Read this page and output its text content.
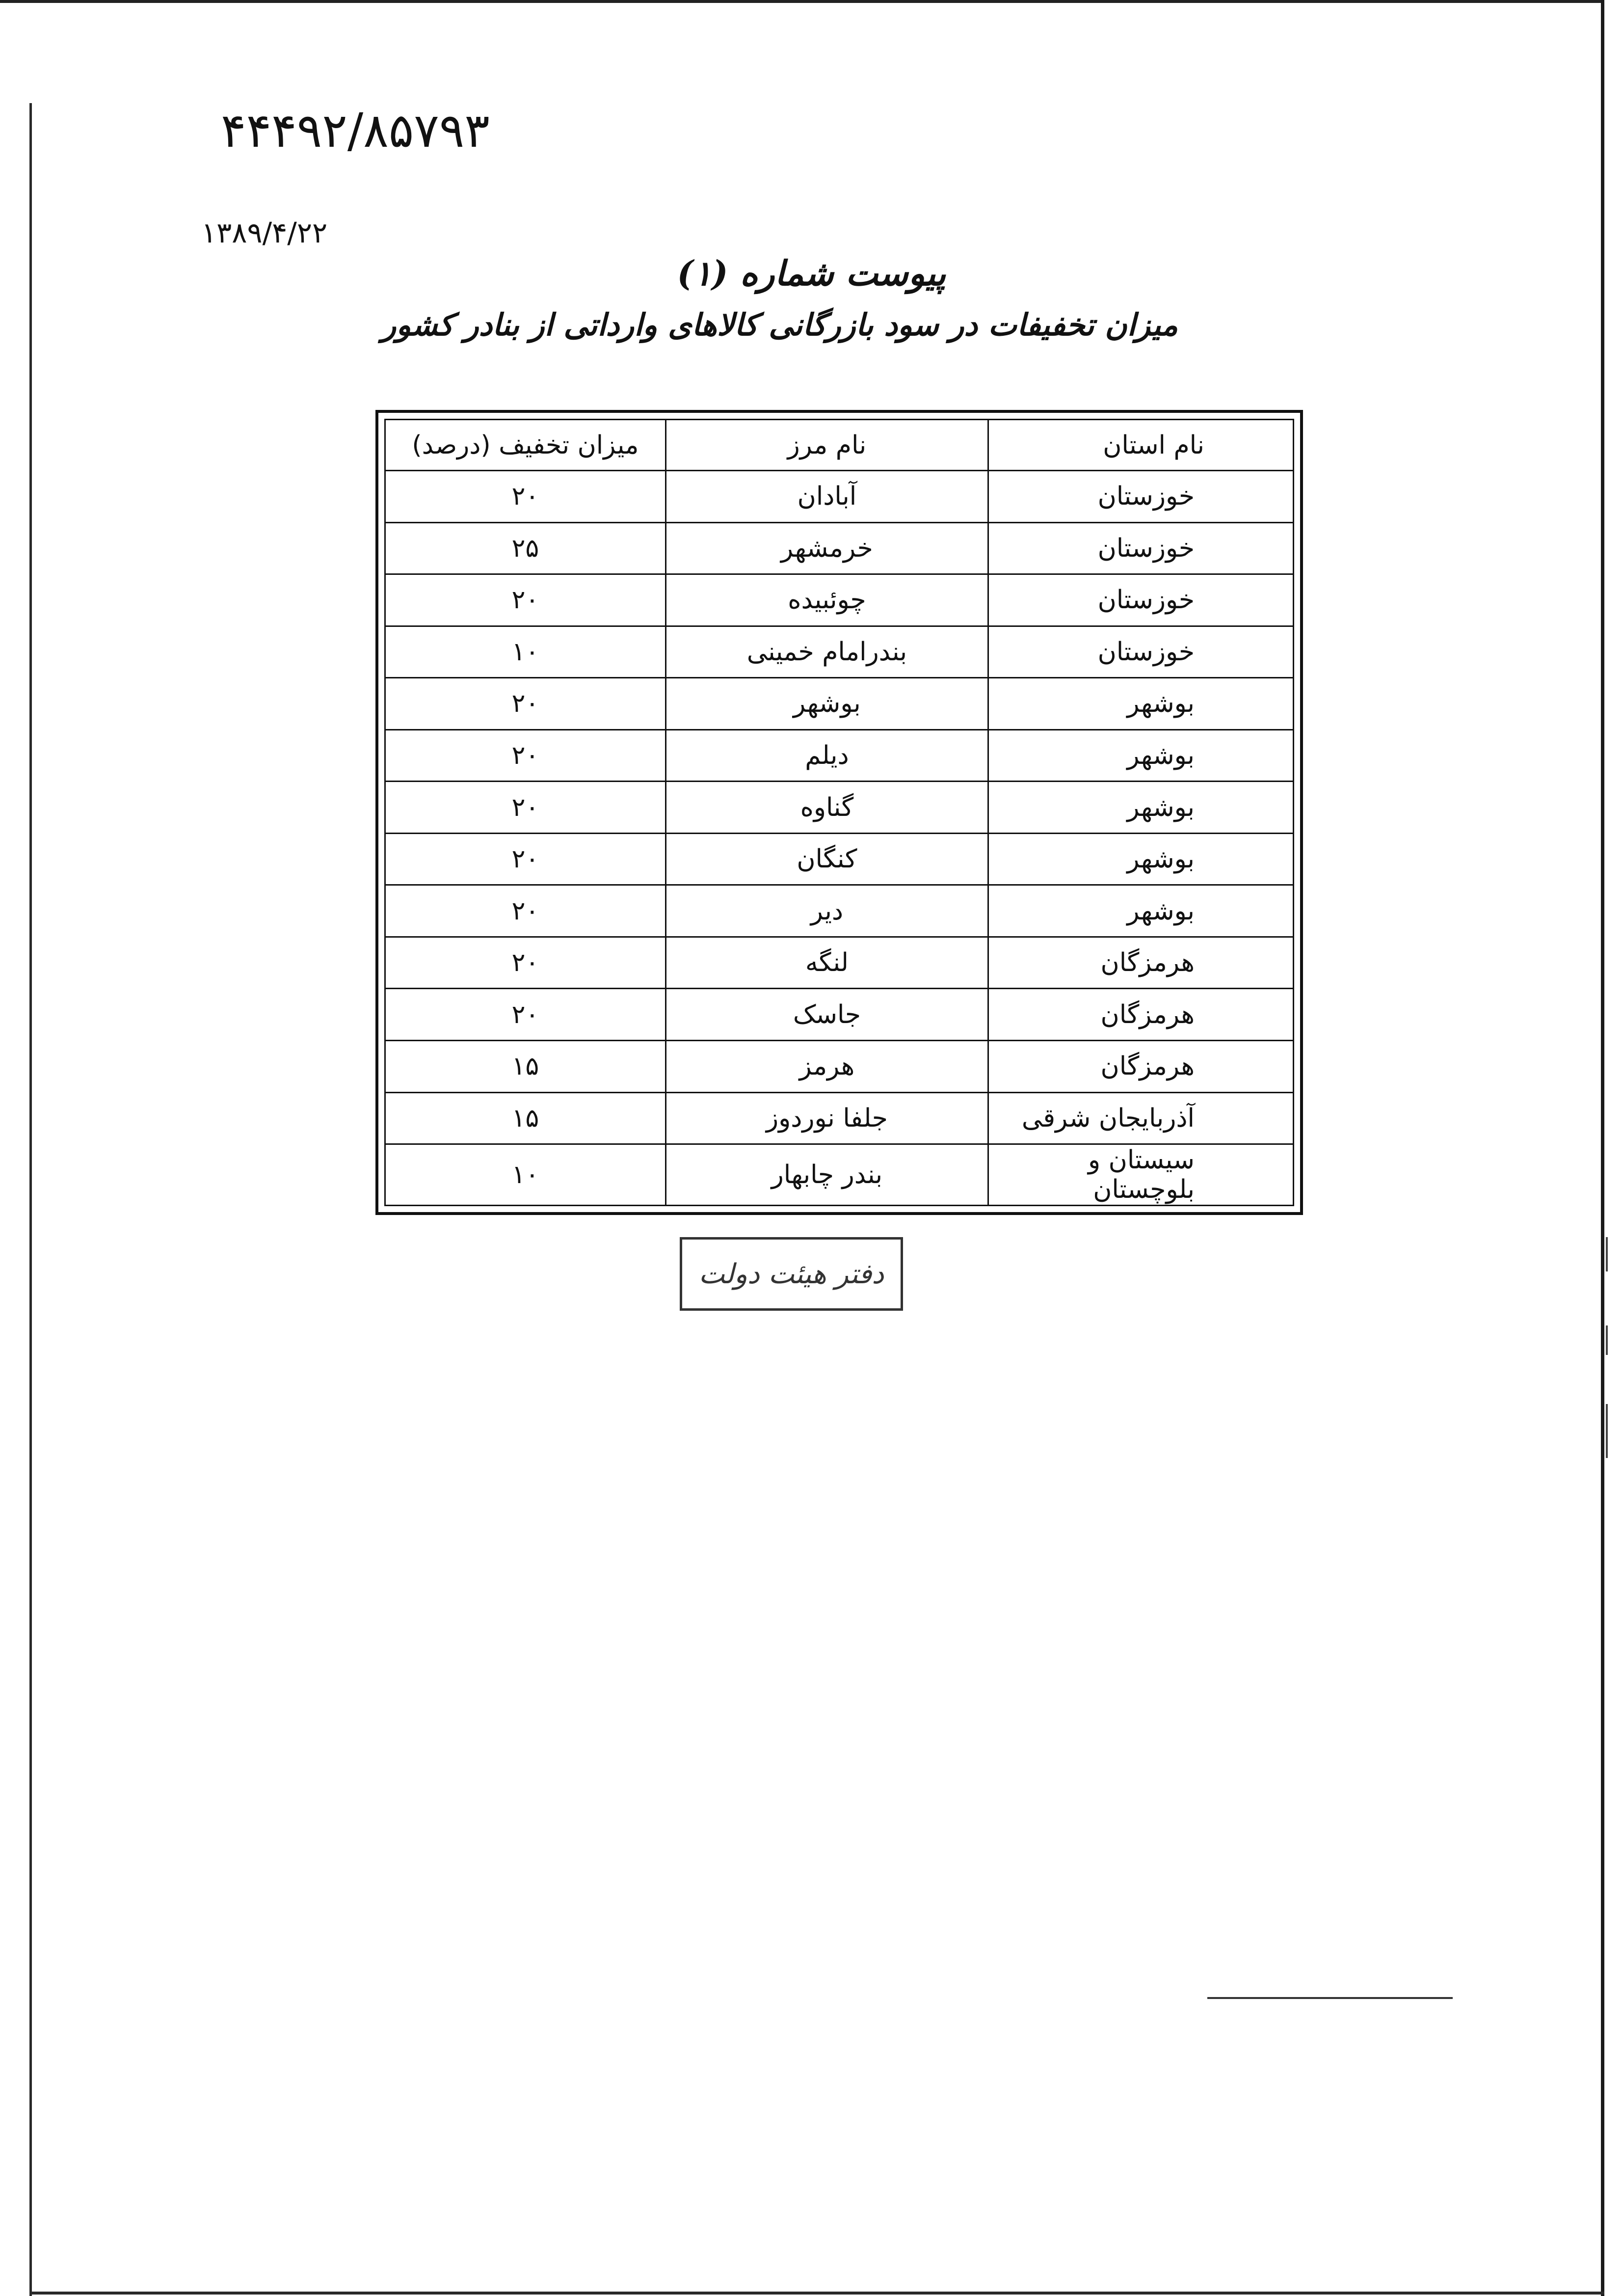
۴۴۴۹۲/۸۵۷۹۳
۱۳۸۹/۴/۲۲
پیوست شماره (۱)
میزان تخفیفات در سود بازرگانی کالاهای وارداتی از بنادر کشور
نام استان	نام مرز	میزان تخفیف (درصد)
خوزستان	آبادان	۲۰
خوزستان	خرمشهر	۲۵
خوزستان	چوئبیده	۲۰
خوزستان	بندرامام خمینی	۱۰
بوشهر	بوشهر	۲۰
بوشهر	دیلم	۲۰
بوشهر	گناوه	۲۰
بوشهر	کنگان	۲۰
بوشهر	دیر	۲۰
هرمزگان	لنگه	۲۰
هرمزگان	جاسک	۲۰
هرمزگان	هرمز	۱۵
آذربایجان شرقی	جلفا نوردوز	۱۵
سیستان و بلوچستان	بندر چابهار	۱۰
دفتر هیئت دولت
